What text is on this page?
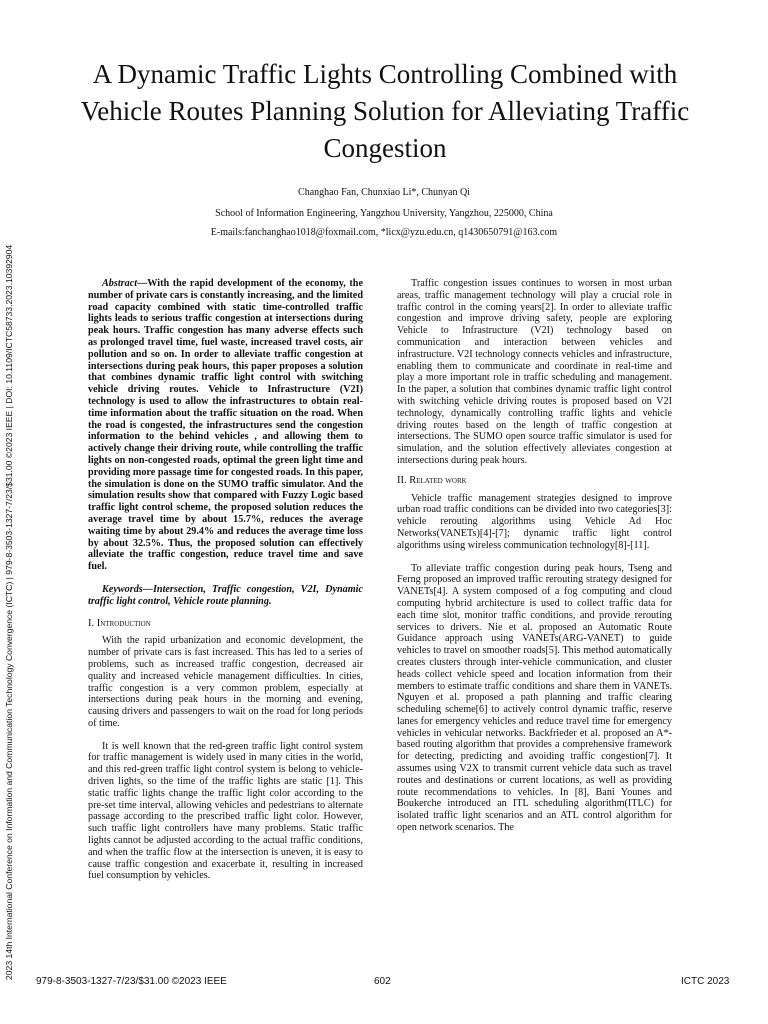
2023 14th International Conference on Information and Communication Technology Convergence (ICTC) | 979-8-3503-1327-7/23/$31.00 ©2023 IEEE | DOI: 10.1109/ICTC58733.2023.10392904
A Dynamic Traffic Lights Controlling Combined with Vehicle Routes Planning Solution for Alleviating Traffic Congestion
Changhao Fan, Chunxiao Li*, Chunyan Qi
School of Information Engineering, Yangzhou University, Yangzhou, 225000, China
E-mails:fanchanghao1018@foxmail.com, *licx@yzu.edu.cn, q1430650791@163.com

Abstract—With the rapid development of the economy, the number of private cars is constantly increasing, and the limited road capacity combined with static time-controlled traffic lights leads to serious traffic congestion at intersections during peak hours. Traffic congestion has many adverse effects such as prolonged travel time, fuel waste, increased travel costs, air pollution and so on. In order to alleviate traffic congestion at intersections during peak hours, this paper proposes a solution that combines dynamic traffic light control with switching vehicle driving routes. Vehicle to Infrastructure (V2I) technology is used to allow the infrastructures to obtain real-time information about the traffic situation on the road. When the road is congested, the infrastructures send the congestion information to the behind vehicles , and allowing them to actively change their driving route, while controlling the traffic lights on non-congested roads, optimal the green light time and providing more passage time for congested roads. In this paper, the simulation is done on the SUMO traffic simulator. And the simulation results show that compared with Fuzzy Logic based traffic light control scheme, the proposed solution reduces the average travel time by about 15.7%, reduces the average waiting time by about 29.4% and reduces the average time loss by about 32.5%. Thus, the proposed solution can effectively alleviate the traffic congestion, reduce travel time and save fuel.

Keywords—Intersection, Traffic congestion, V2I, Dynamic traffic light control, Vehicle route planning.

I. Introduction

With the rapid urbanization and economic development, the number of private cars is fast increased. This has led to a series of problems, such as increased traffic congestion, decreased air quality and increased vehicle management difficulties. In cities, traffic congestion is a very common problem, especially at intersections during peak hours in the morning and evening, causing drivers and passengers to wait on the road for long periods of time.

It is well known that the red-green traffic light control system for traffic management is widely used in many cities in the world, and this red-green traffic light control system is belong to vehicle-driven lights, so the time of the traffic lights are static [1]. This static traffic lights change the traffic light color according to the pre-set time interval, allowing vehicles and pedestrians to alternate passage according to the prescribed traffic light color. However, such traffic light controllers have many problems. Static traffic lights cannot be adjusted according to the actual traffic conditions, and when the traffic flow at the intersection is uneven, it is easy to cause traffic congestion and exacerbate it, resulting in increased fuel consumption by vehicles.

Traffic congestion issues continues to worsen in most urban areas, traffic management technology will play a crucial role in traffic control in the coming years[2]. In order to alleviate traffic congestion and improve driving safety, people are exploring Vehicle to Infrastructure (V2I) technology based on communication and interaction between vehicles and infrastructure. V2I technology connects vehicles and infrastructure, enabling them to communicate and coordinate in real-time and play a more important role in traffic scheduling and management. In the paper, a solution that combines dynamic traffic light control with switching vehicle driving routes is proposed based on V2I technology, dynamically controlling traffic lights and vehicle driving routes based on the length of traffic congestion at intersections. The SUMO open source traffic simulator is used for simulation, and the solution effectively alleviates congestion at intersections during peak hours.

II. Related work

Vehicle traffic management strategies designed to improve urban road traffic conditions can be divided into two categories[3]: vehicle rerouting algorithms using Vehicle Ad Hoc Networks(VANETs)[4]-[7]; dynamic traffic light control algorithms using wireless communication technology[8]-[11].

To alleviate traffic congestion during peak hours, Tseng and Ferng proposed an improved traffic rerouting strategy designed for VANETs[4]. A system composed of a fog computing and cloud computing hybrid architecture is used to collect traffic data for each time slot, monitor traffic conditions, and provide rerouting services to drivers. Nie et al. proposed an Automatic Route Guidance approach using VANETs(ARG-VANET) to guide vehicles to travel on smoother roads[5]. This method automatically creates clusters through inter-vehicle communication, and cluster heads collect vehicle speed and location information from their members to estimate traffic conditions and share them in VANETs. Nguyen et al. proposed a path planning and traffic clearing scheduling scheme[6] to actively control dynamic traffic, reserve lanes for emergency vehicles and reduce travel time for emergency vehicles in vehicular networks. Backfrieder et al. proposed an A*-based routing algorithm that provides a comprehensive framework for detecting, predicting and avoiding traffic congestion[7]. It assumes using V2X to transmit current vehicle data such as travel routes and destinations or current locations, as well as providing route recommendations to vehicles. In [8], Bani Younes and Boukerche introduced an ITL scheduling algorithm(ITLC) for isolated traffic light scenarios and an ATL control algorithm for open network scenarios. The

979-8-3503-1327-7/23/$31.00 ©2023 IEEE	602	ICTC 2023
